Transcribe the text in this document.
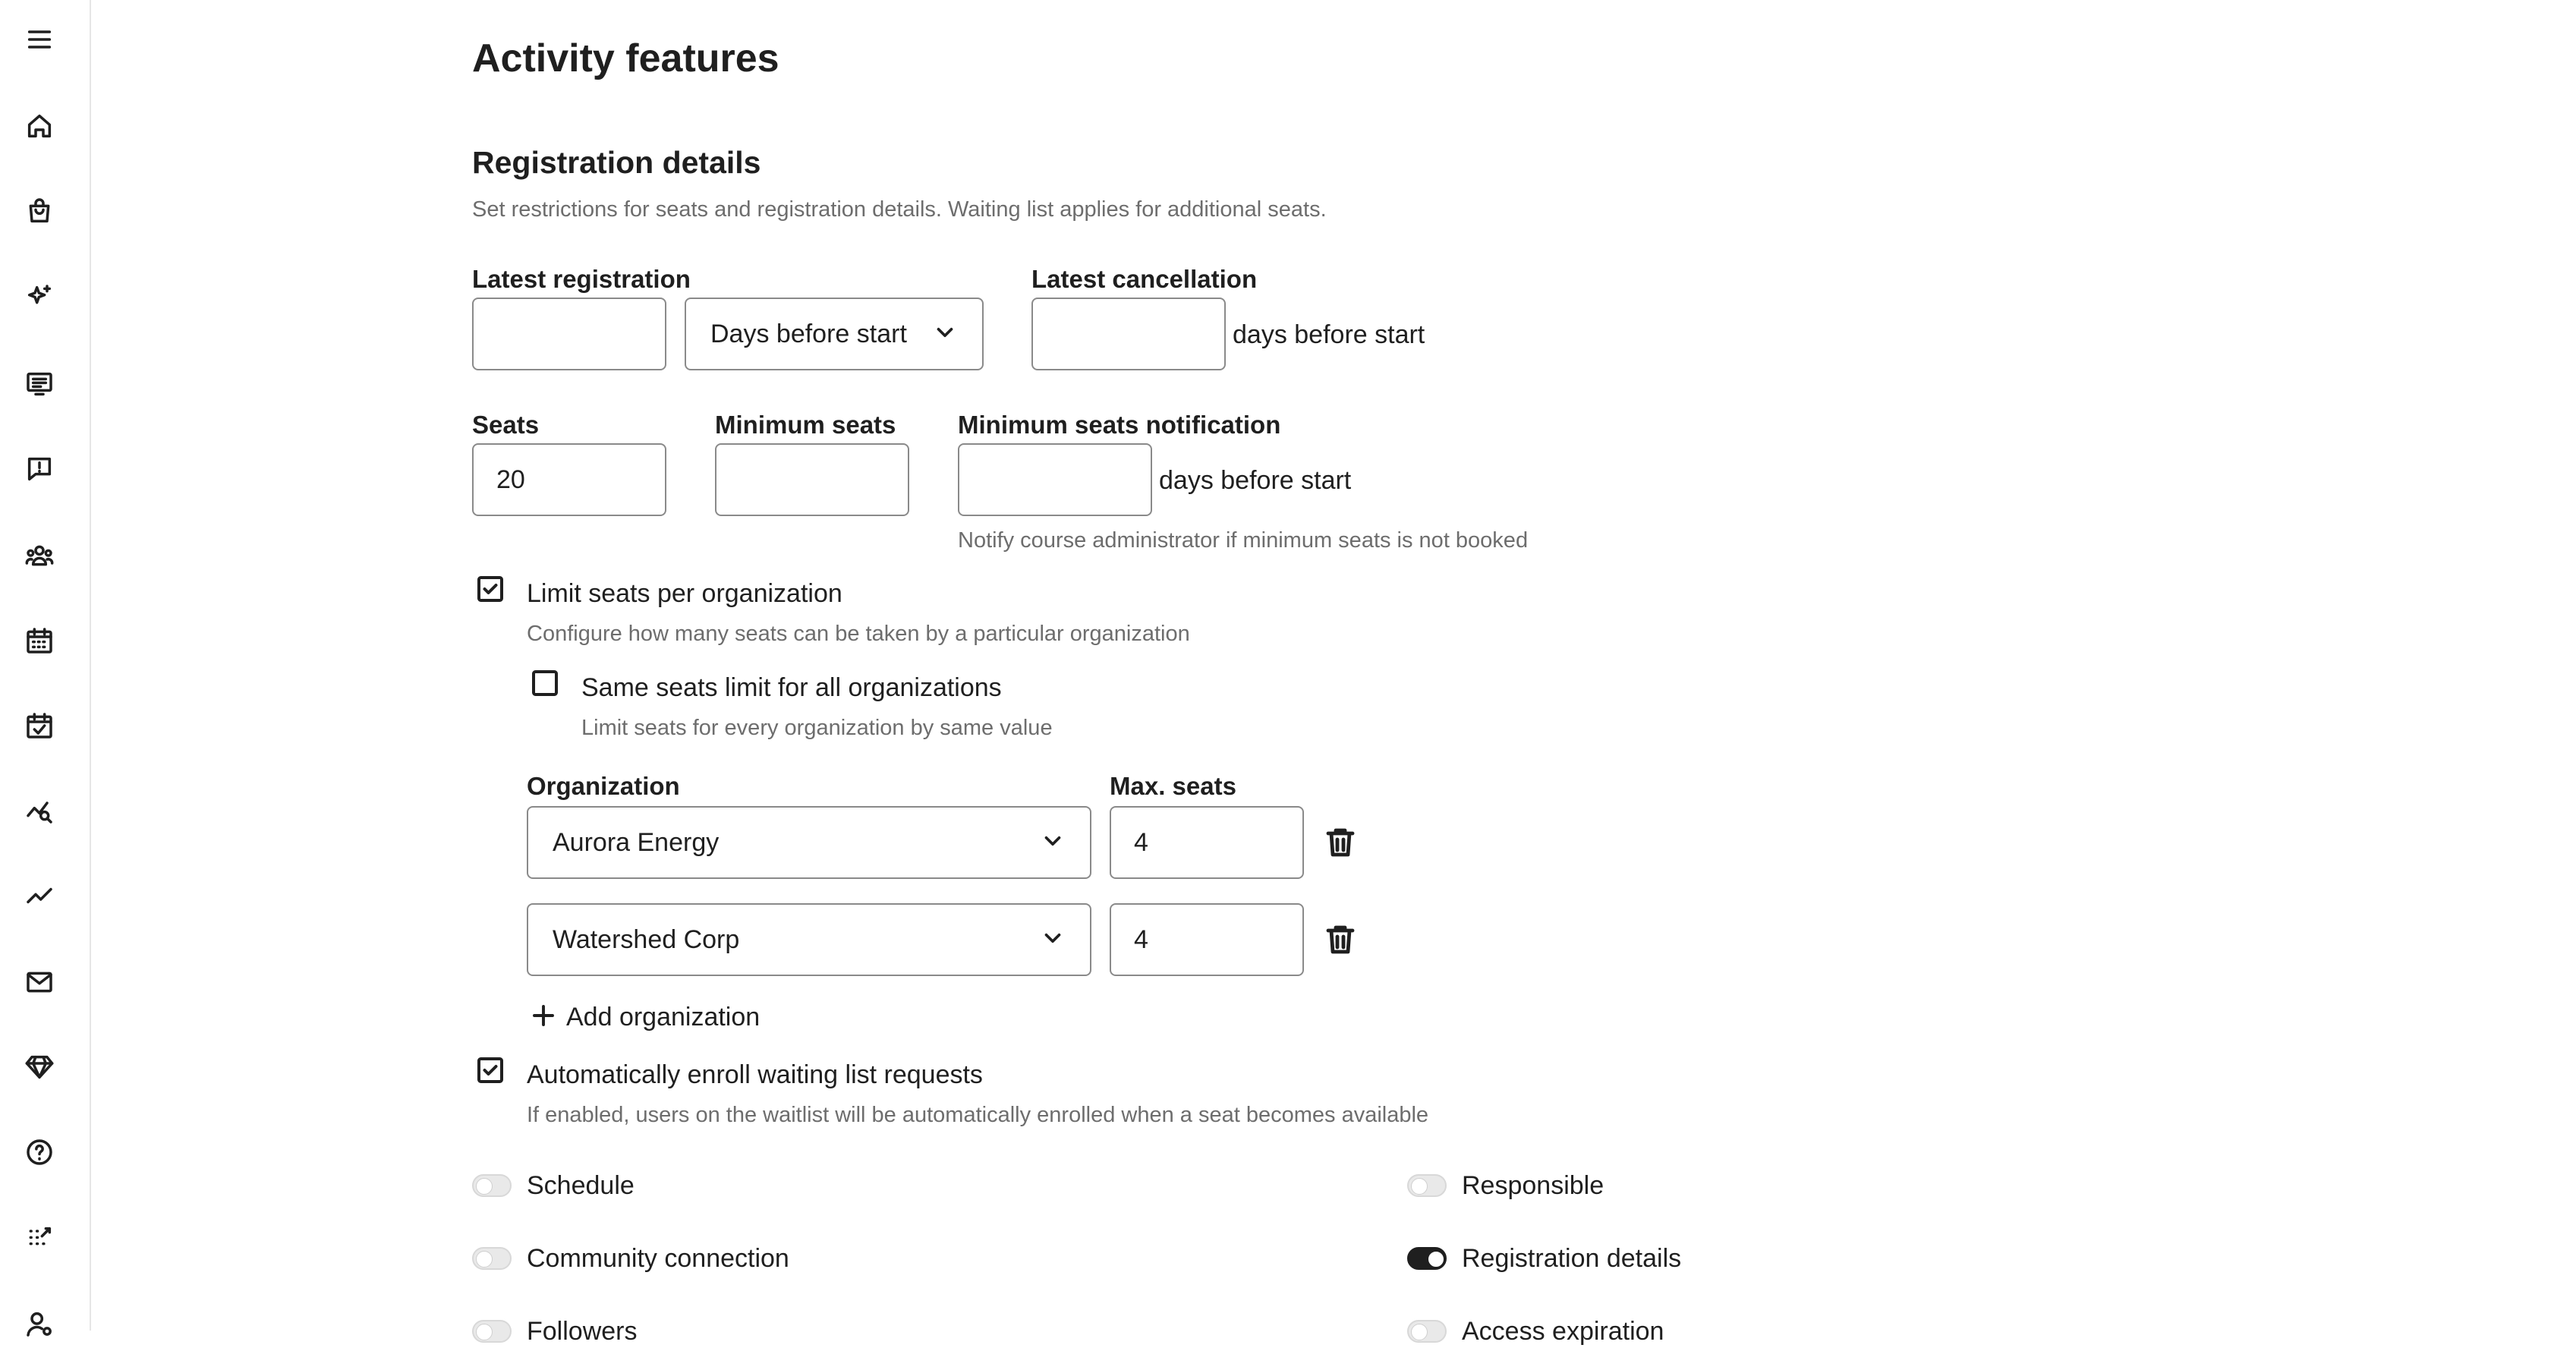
Activity features
Registration details
Set restrictions for seats and registration details. Waiting list applies for additional seats.
Latest registration
Days before start
Latest cancellation
days before start
Seats
20	Minimum seats Minimum seats notification
days before start
Notify course administrator if minimum seats is not booked
Limit seats per organization
Configure how many seats can be taken by a particular organization
Same seats limit for all organizations
Limit seats for every organization by same value
Organization	Max. seats
Aurora Energy
4
Watershed Corp
4
Add organization
Automatically enroll waiting list requests
If enabled, users on the waitlist will be automatically enrolled when a seat becomes available
Schedule
Community connection
Followers
Responsible
Registration details
Access expiration
